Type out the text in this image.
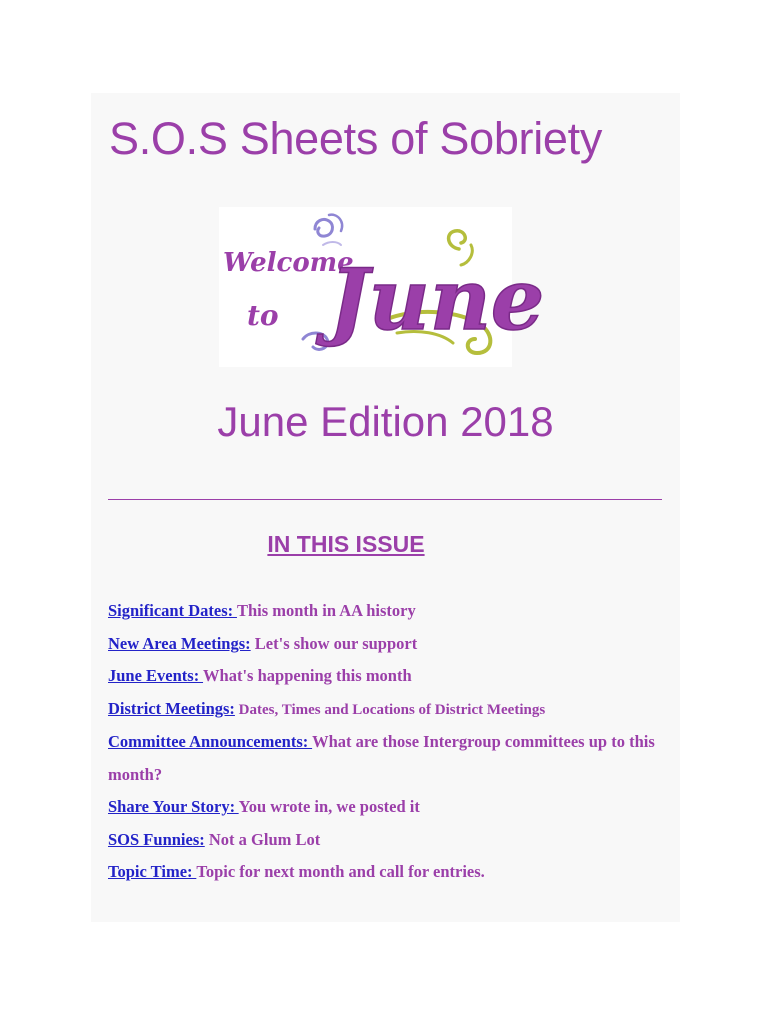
S.O.S Sheets of Sobriety
Welcome
to June
June Edition 2018
IN THIS ISSUE
Significant Dates: This month in AA history
New Area Meetings: Let's show our support
June Events: What's happening this month
District Meetings: Dates, Times and Locations of District Meetings
Committee Announcements: What are those Intergroup committees up to this month?
Share Your Story: You wrote in, we posted it
SOS Funnies: Not a Glum Lot
Topic Time: Topic for next month and call for entries.
